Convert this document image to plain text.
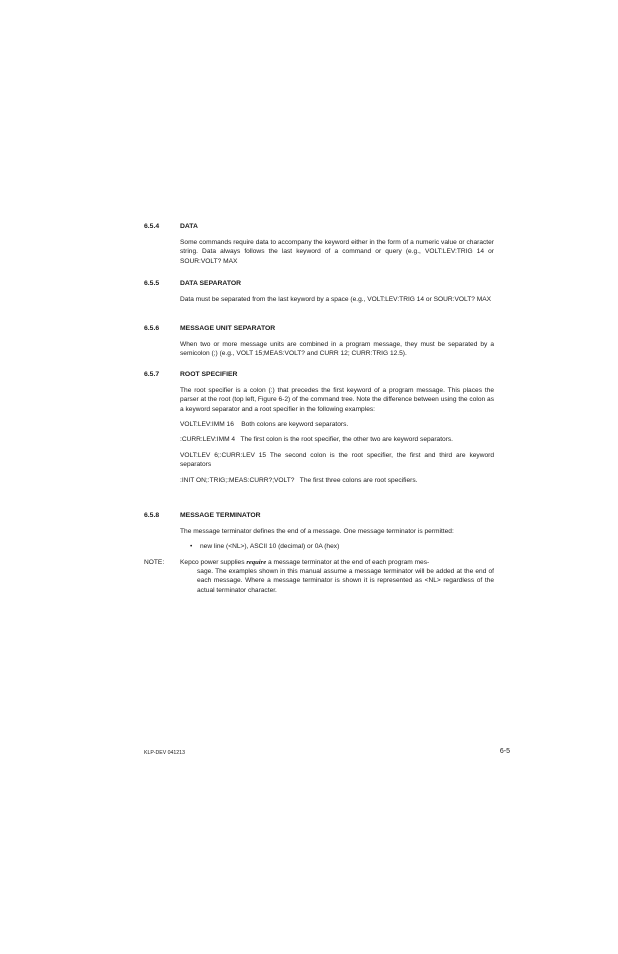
6.5.4	DATA

Some commands require data to accompany the keyword either in the form of a numeric value or character string. Data always follows the last keyword of a command or query (e.g., VOLT:LEV:TRIG 14 or SOUR:VOLT? MAX

6.5.5	DATA SEPARATOR

Data must be separated from the last keyword by a space (e.g., VOLT:LEV:TRIG 14 or SOUR:VOLT? MAX

6.5.6	MESSAGE UNIT SEPARATOR

When two or more message units are combined in a program message, they must be separated by a semicolon (;) (e.g., VOLT 15;MEAS:VOLT? and CURR 12; CURR:TRIG 12.5).

6.5.7	ROOT SPECIFIER

The root specifier is a colon (:) that precedes the first keyword of a program message. This places the parser at the root (top left, Figure 6-2) of the command tree. Note the difference between using the colon as a keyword separator and a root specifier in the following examples:

VOLT:LEV:IMM 16    Both colons are keyword separators.

:CURR:LEV:IMM 4   The first colon is the root specifier, the other two are keyword separators.

VOLT:LEV 6;:CURR:LEV 15 The second colon is the root specifier, the first and third are keyword separators

:INIT ON;:TRIG;:MEAS:CURR?;VOLT?   The first three colons are root specifiers.

6.5.8	MESSAGE TERMINATOR

The message terminator defines the end of a message. One message terminator is permitted:

• new line (<NL>), ASCII 10 (decimal) or 0A (hex)

NOTE: Kepco power supplies require a message terminator at the end of each program mes-

sage. The examples shown in this manual assume a message terminator will be added at the end of each message. Where a message terminator is shown it is represented as <NL> regardless of the actual terminator character.

KLP-DEV 041213	6-5
